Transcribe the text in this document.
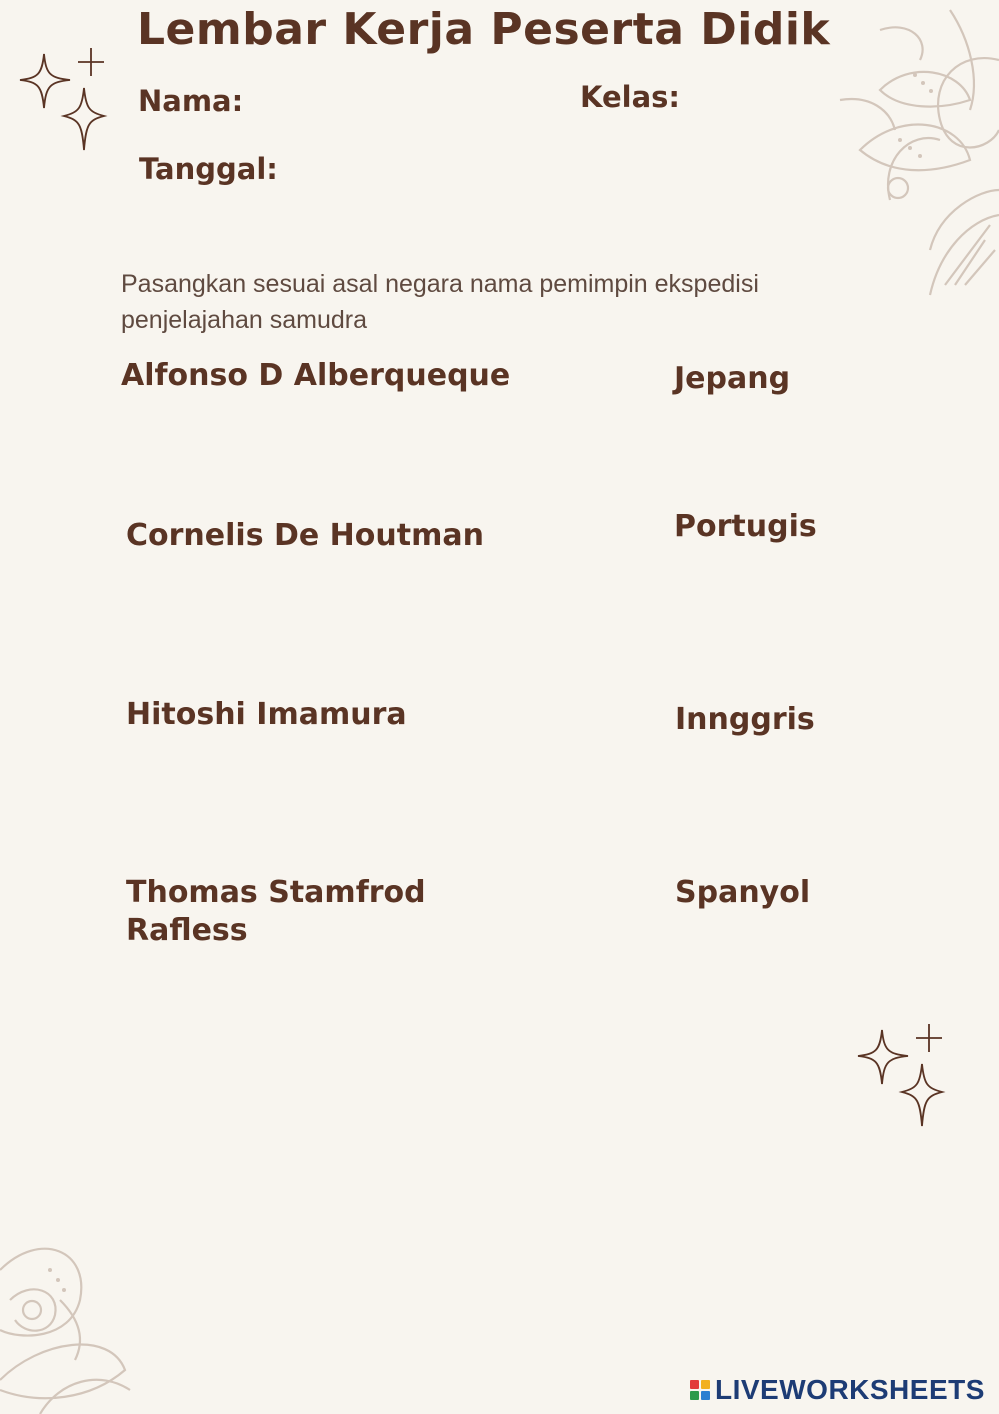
Lembar Kerja Peserta Didik
Nama:	Kelas:
Tanggal:
Pasangkan sesuai asal negara nama pemimpin ekspedisi penjelajahan samudra
Alfonso D Alberqueque
Cornelis De Houtman
Hitoshi Imamura
Thomas Stamfrod Rafless
Jepang
Portugis
Innggris
Spanyol
LIVEWORKSHEETS
